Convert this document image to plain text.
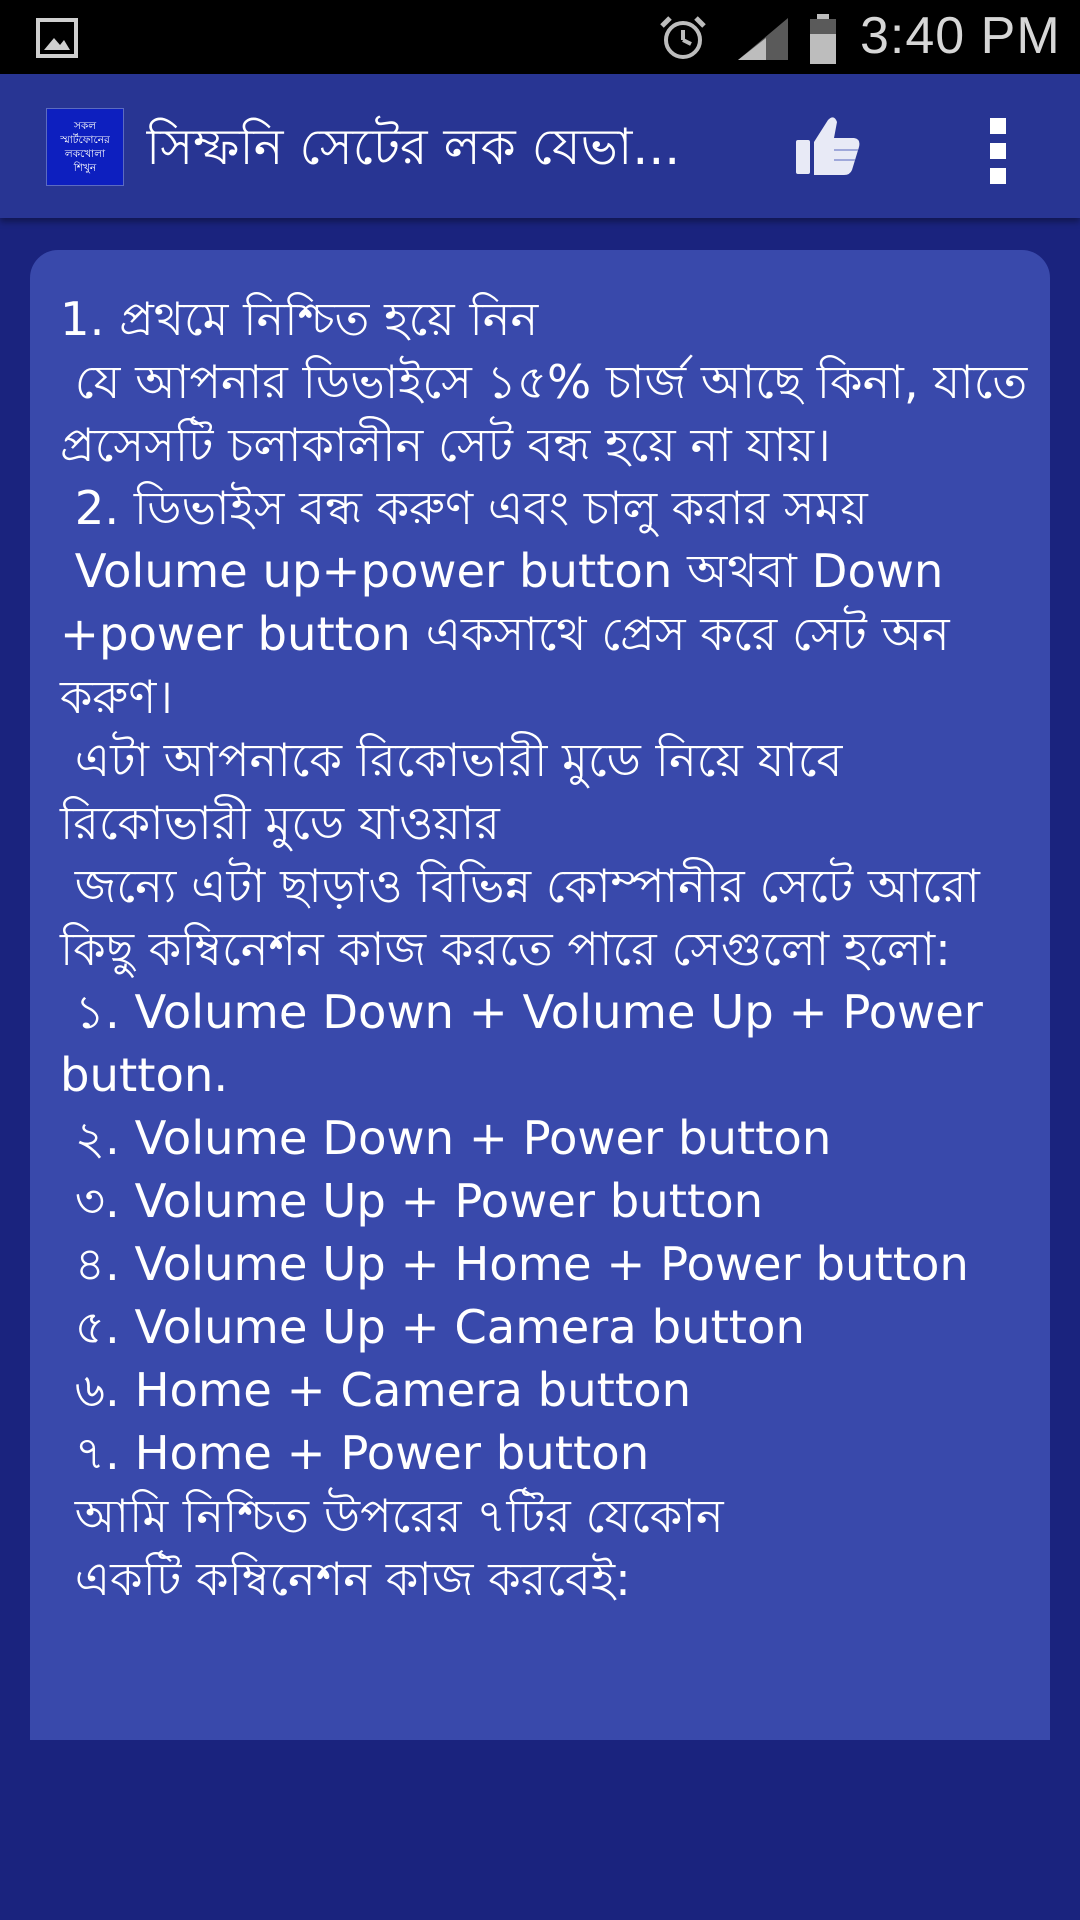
3:40 PM
সকল
স্মার্টফোনের
লকখোলা
শিখুন সিম্ফনি সেটের লক যেভা...
1. প্রথমে নিশ্চিত হয়ে নিন
যে আপনার ডিভাইসে ১৫% চার্জ আছে কিনা, যাতে প্রসেসটি চলাকালীন সেট বন্ধ হয়ে না যায়।
2. ডিভাইস বন্ধ করুণ এবং চালু করার সময়
Volume up+power button অথবা Down +power button একসাথে প্রেস করে সেট অন করুণ।
এটা আপনাকে রিকোভারী মুডে নিয়ে যাবে রিকোভারী মুডে যাওয়ার
জন্যে এটা ছাড়াও বিভিন্ন কোম্পানীর সেটে আরো কিছু কম্বিনেশন কাজ করতে পারে সেগুলো হলো:
১. Volume Down + Volume Up + Power button.
২. Volume Down + Power button
৩. Volume Up + Power button
৪. Volume Up + Home + Power button
৫. Volume Up + Camera button
৬. Home + Camera button
৭. Home + Power button
আমি নিশ্চিত উপরের ৭টির যেকোন
একটি কম্বিনেশন কাজ করবেই:
